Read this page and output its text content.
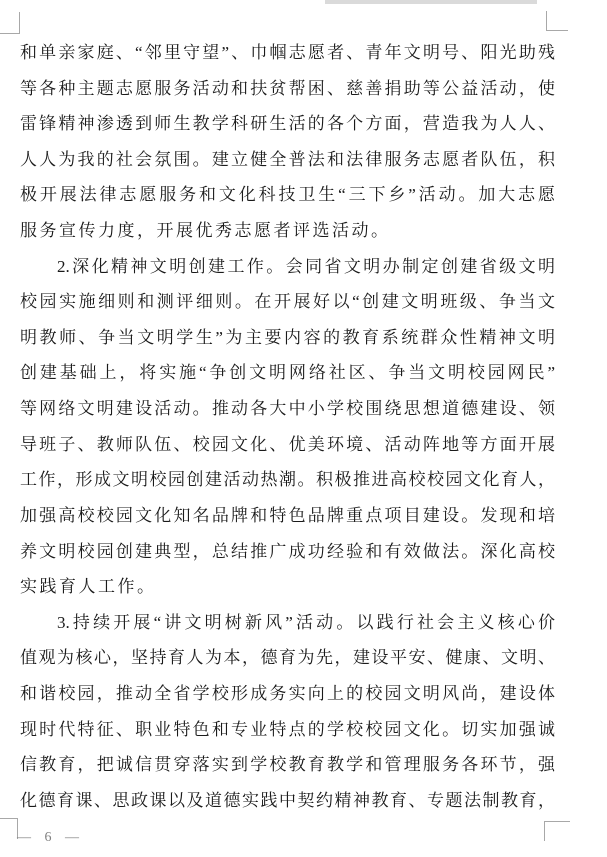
和单亲家庭、“邻里守望”、巾帼志愿者、青年文明号、阳光助残
等各种主题志愿服务活动和扶贫帮困、慈善捐助等公益活动，使
雷锋精神渗透到师生教学科研生活的各个方面，营造我为人人、
人人为我的社会氛围。建立健全普法和法律服务志愿者队伍，积
极开展法律志愿服务和文化科技卫生“三下乡”活动。加大志愿
服务宣传力度，开展优秀志愿者评选活动。
2.深化精神文明创建工作。会同省文明办制定创建省级文明
校园实施细则和测评细则。在开展好以“创建文明班级、争当文
明教师、争当文明学生”为主要内容的教育系统群众性精神文明
创建基础上，将实施“争创文明网络社区、争当文明校园网民”
等网络文明建设活动。推动各大中小学校围绕思想道德建设、领
导班子、教师队伍、校园文化、优美环境、活动阵地等方面开展
工作，形成文明校园创建活动热潮。积极推进高校校园文化育人，
加强高校校园文化知名品牌和特色品牌重点项目建设。发现和培
养文明校园创建典型，总结推广成功经验和有效做法。深化高校
实践育人工作。
3.持续开展“讲文明树新风”活动。以践行社会主义核心价
值观为核心，坚持育人为本，德育为先，建设平安、健康、文明、
和谐校园，推动全省学校形成务实向上的校园文明风尚，建设体
现时代特征、职业特色和专业特点的学校校园文化。切实加强诚
信教育，把诚信贯穿落实到学校教育教学和管理服务各环节，强
化德育课、思政课以及道德实践中契约精神教育、专题法制教育，
— 6 —
